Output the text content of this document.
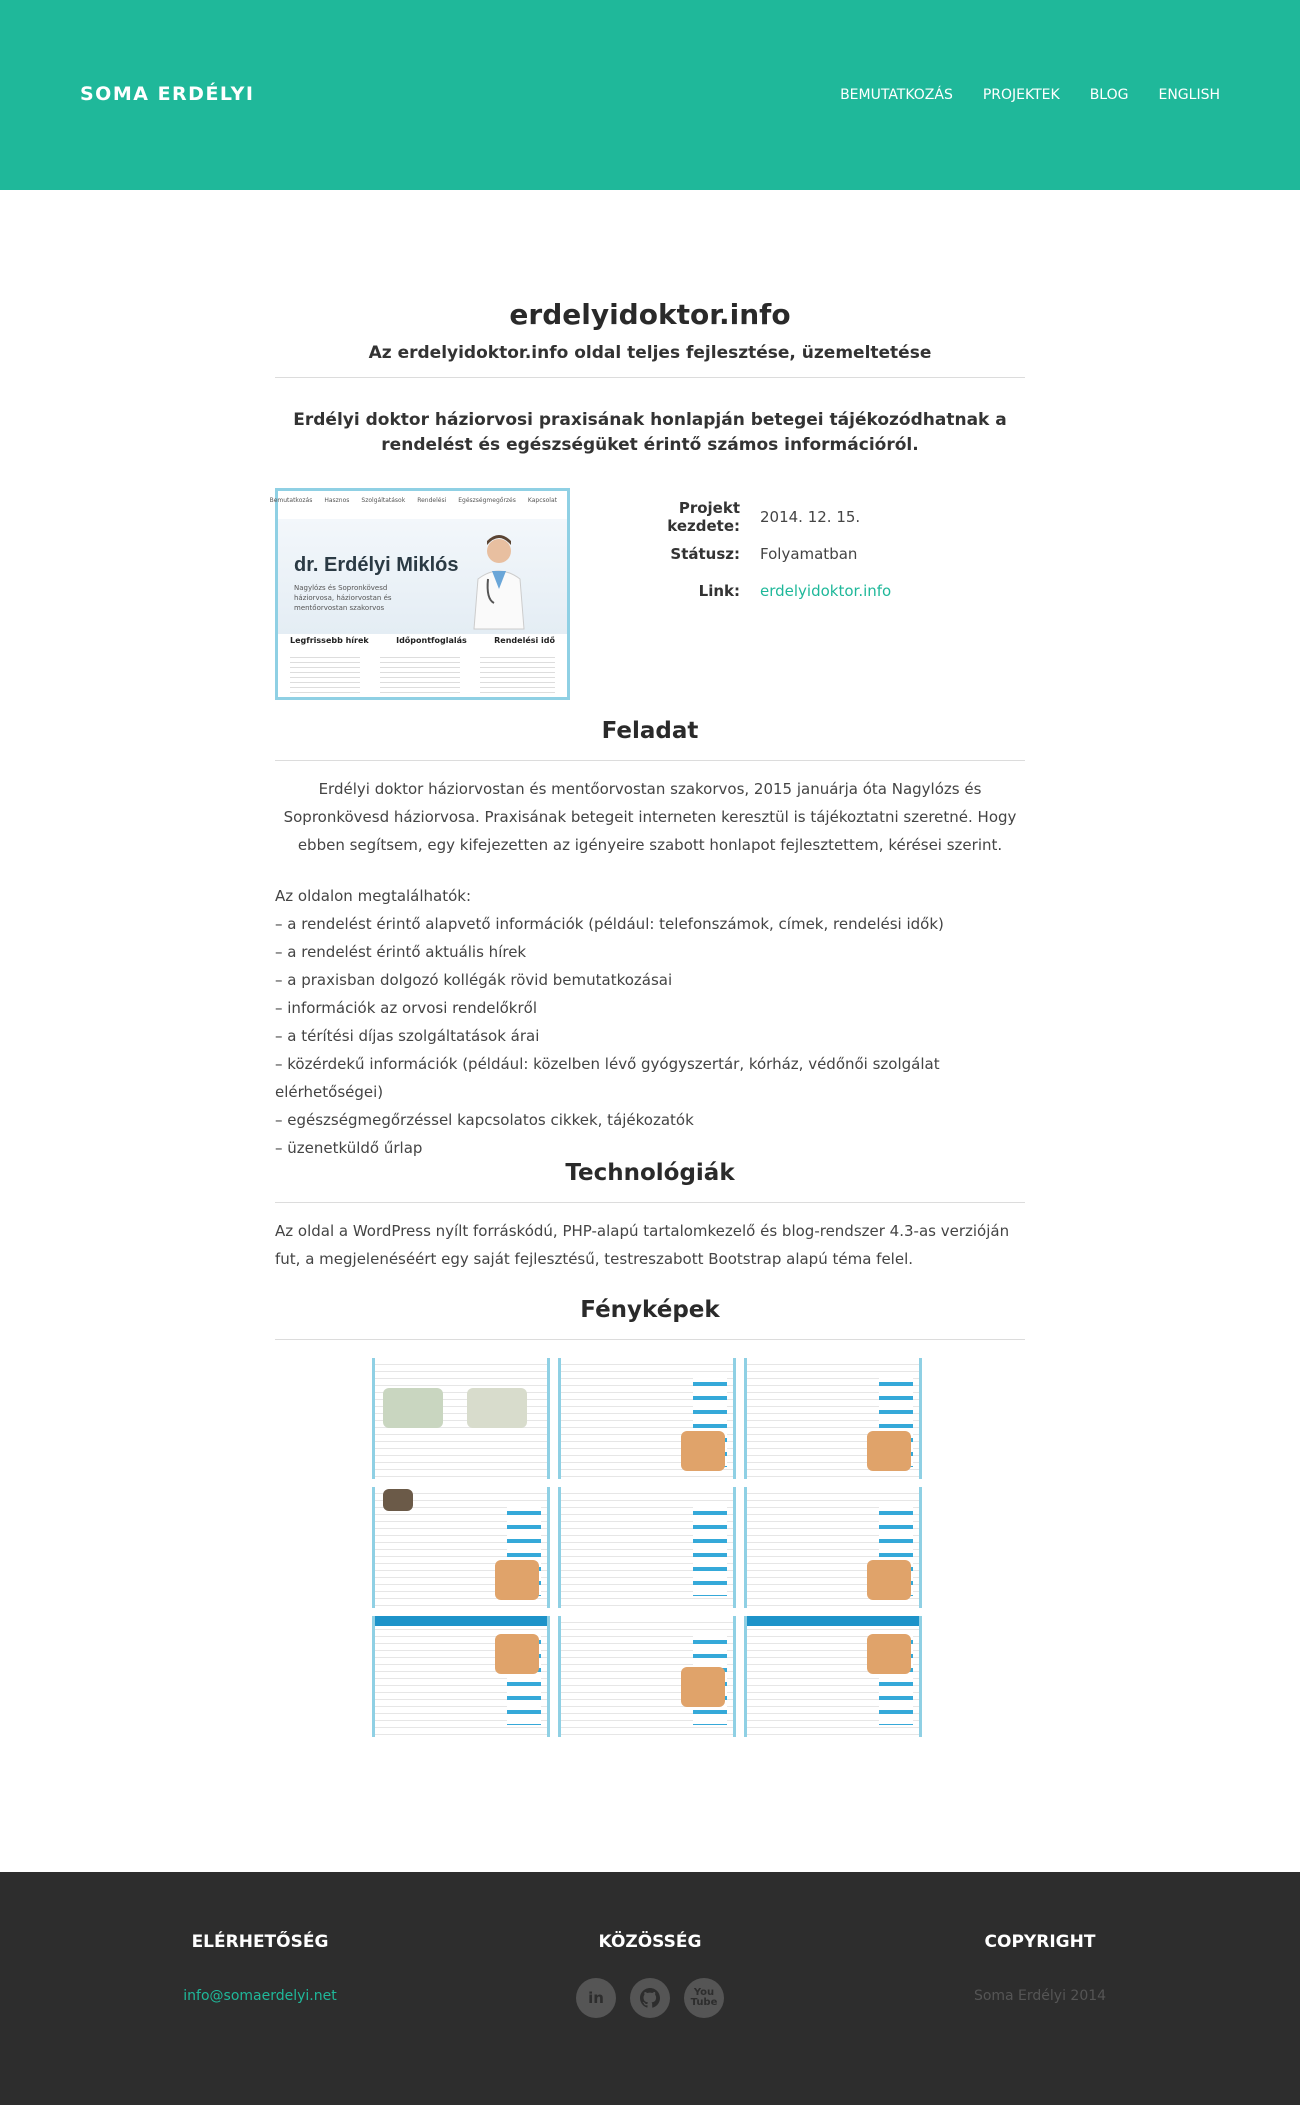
SOMA ERDÉLYI	BEMUTATKOZÁS PROJEKTEK BLOG ENGLISH
erdelyidoktor.info
Az erdelyidoktor.info oldal teljes fejlesztése, üzemeltetése
Erdélyi doktor háziorvosi praxisának honlapján betegei tájékozódhatnak a rendelést és egészségüket érintő számos információról.
Bemutatkozás Hasznos Szolgáltatások Rendelési Egészségmegőrzés Kapcsolat
dr. Erdélyi Miklós
Nagylózs és Sopronkövesd háziorvosa, háziorvostan és mentőorvostan szakorvos
Legfrissebb hírek	Időpontfoglalás	Rendelési idő
Projekt kezdete:	2014. 12. 15.
Státusz:	Folyamatban
Link:	erdelyidoktor.info
Feladat
Erdélyi doktor háziorvostan és mentőorvostan szakorvos, 2015 januárja óta Nagylózs és Sopronkövesd háziorvosa. Praxisának betegeit interneten keresztül is tájékoztatni szeretné. Hogy ebben segítsem, egy kifejezetten az igényeire szabott honlapot fejlesztettem, kérései szerint.
Az oldalon megtalálhatók:
– a rendelést érintő alapvető információk (például: telefonszámok, címek, rendelési idők)
– a rendelést érintő aktuális hírek
– a praxisban dolgozó kollégák rövid bemutatkozásai
– információk az orvosi rendelőkről
– a térítési díjas szolgáltatások árai
– közérdekű információk (például: közelben lévő gyógyszertár, kórház, védőnői szolgálat elérhetőségei)
– egészségmegőrzéssel kapcsolatos cikkek, tájékozatók
– üzenetküldő űrlap
Technológiák
Az oldal a WordPress nyílt forráskódú, PHP-alapú tartalomkezelő és blog-rendszer 4.3-as verzióján fut, a megjelenéséért egy saját fejlesztésű, testreszabott Bootstrap alapú téma felel.
Fényképek
ELÉRHETŐSÉG
info@somaerdelyi.net
KÖZÖSSÉG
in	You
Tube
COPYRIGHT
Soma Erdélyi 2014
